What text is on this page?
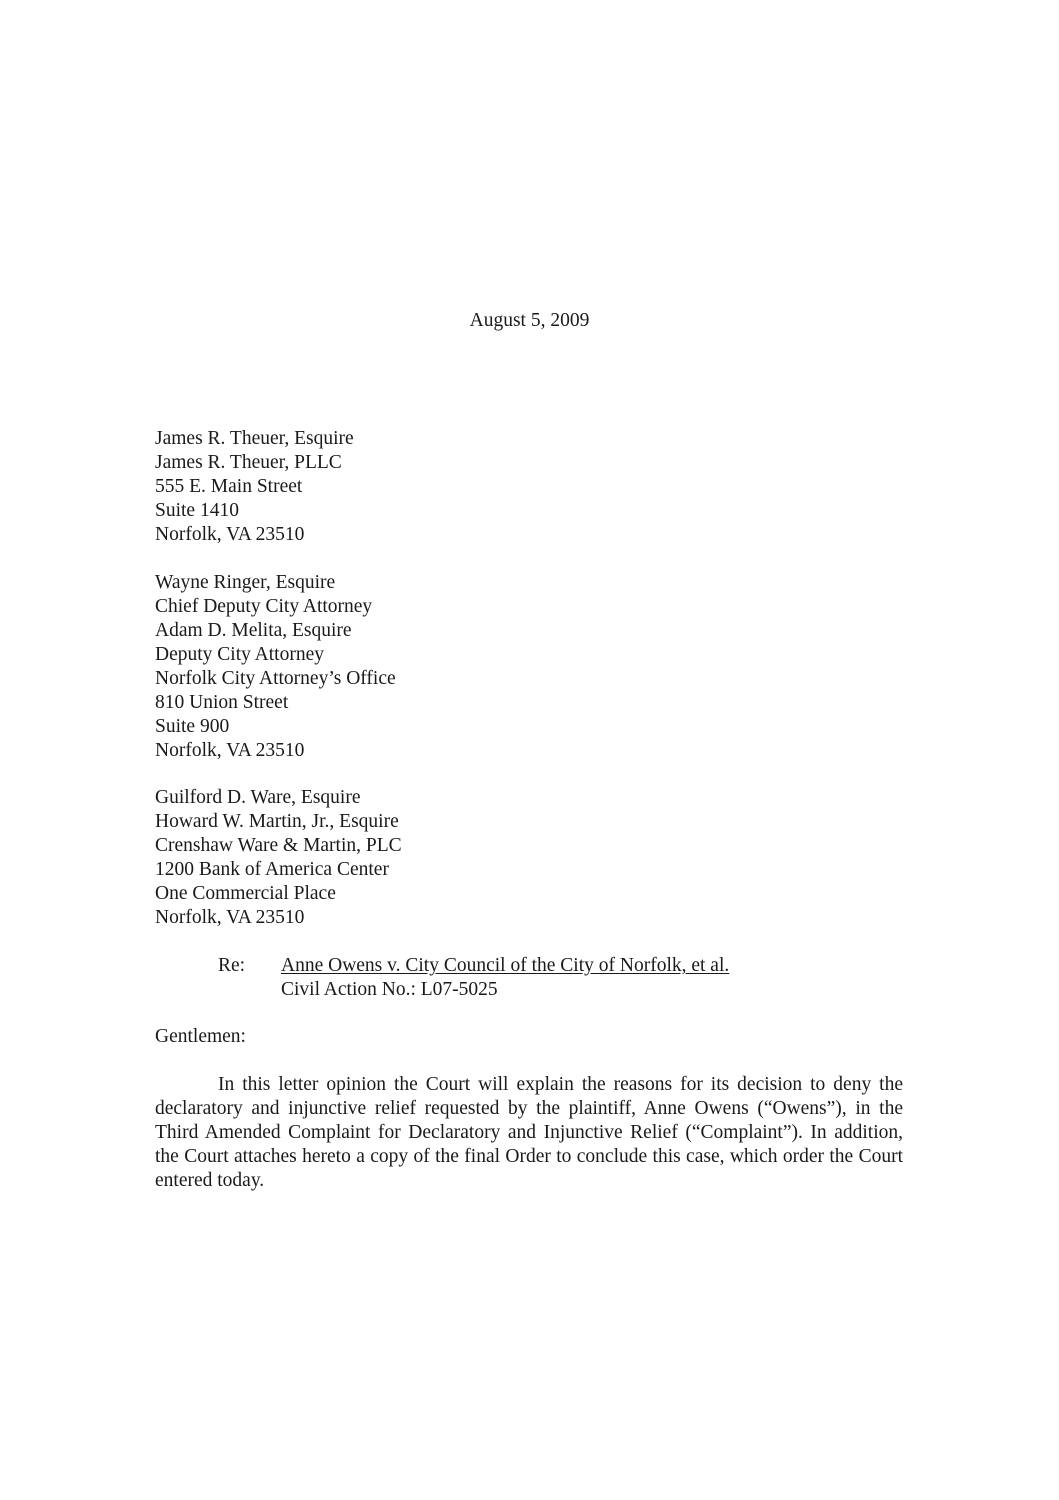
August 5, 2009
James R. Theuer, Esquire
James R. Theuer, PLLC
555 E. Main Street
Suite 1410
Norfolk, VA 23510
Wayne Ringer, Esquire
Chief Deputy City Attorney
Adam D. Melita, Esquire
Deputy City Attorney
Norfolk City Attorney’s Office
810 Union Street
Suite 900
Norfolk, VA 23510
Guilford D. Ware, Esquire
Howard W. Martin, Jr., Esquire
Crenshaw Ware & Martin, PLC
1200 Bank of America Center
One Commercial Place
Norfolk, VA 23510
Re: Anne Owens v. City Council of the City of Norfolk, et al.
Civil Action No.: L07-5025
Gentlemen:
In this letter opinion the Court will explain the reasons for its decision to deny the declaratory and injunctive relief requested by the plaintiff, Anne Owens (“Owens”), in the Third Amended Complaint for Declaratory and Injunctive Relief (“Complaint”). In addition, the Court attaches hereto a copy of the final Order to conclude this case, which order the Court entered today.
